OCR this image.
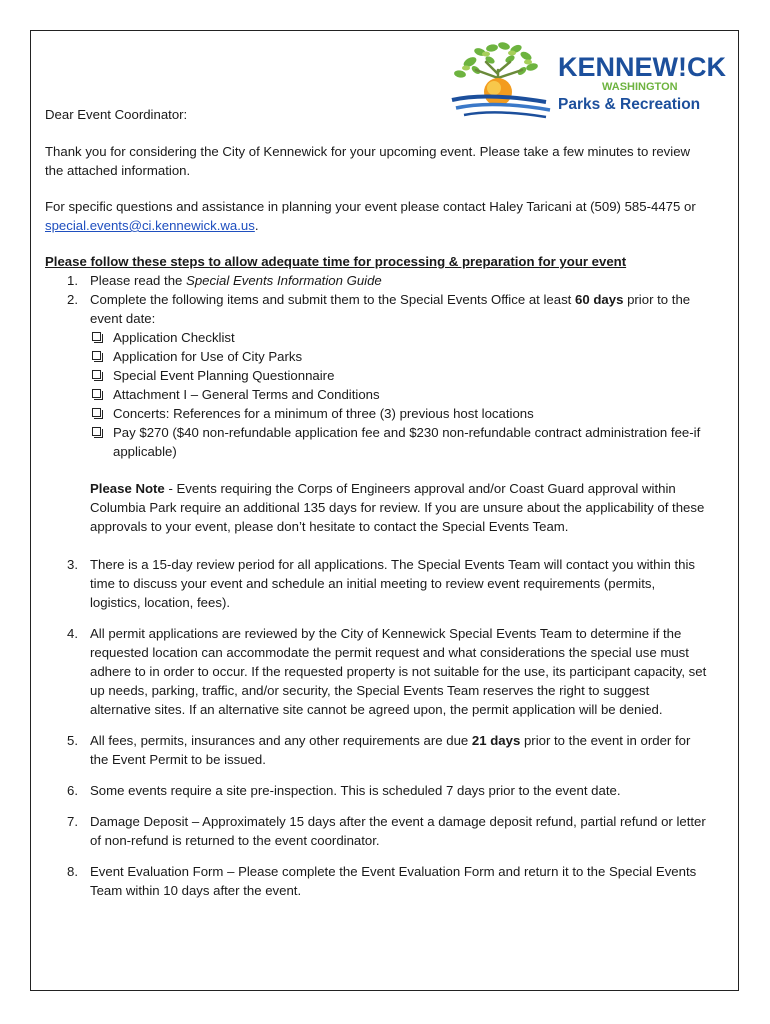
KENNEW!CK
WASHINGTON
Parks & Recreation

Dear Event Coordinator:

Thank you for considering the City of Kennewick for your upcoming event. Please take a few minutes to review the attached information.

For specific questions and assistance in planning your event please contact Haley Taricani at (509) 585-4475 or special.events@ci.kennewick.wa.us.

Please follow these steps to allow adequate time for processing & preparation for your event

1. Please read the Special Events Information Guide
2. Complete the following items and submit them to the Special Events Office at least 60 days prior to the event date:
Application Checklist
Application for Use of City Parks
Special Event Planning Questionnaire
Attachment I – General Terms and Conditions
Concerts: References for a minimum of three (3) previous host locations
Pay $270 ($40 non-refundable application fee and $230 non-refundable contract administration fee-if applicable)

Please Note - Events requiring the Corps of Engineers approval and/or Coast Guard approval within Columbia Park require an additional 135 days for review. If you are unsure about the applicability of these approvals to your event, please don’t hesitate to contact the Special Events Team.

3. There is a 15-day review period for all applications. The Special Events Team will contact you within this time to discuss your event and schedule an initial meeting to review event requirements (permits, logistics, location, fees).
4. All permit applications are reviewed by the City of Kennewick Special Events Team to determine if the requested location can accommodate the permit request and what considerations the special use must adhere to in order to occur. If the requested property is not suitable for the use, its participant capacity, set up needs, parking, traffic, and/or security, the Special Events Team reserves the right to suggest alternative sites. If an alternative site cannot be agreed upon, the permit application will be denied.
5. All fees, permits, insurances and any other requirements are due 21 days prior to the event in order for the Event Permit to be issued.
6. Some events require a site pre-inspection. This is scheduled 7 days prior to the event date.
7. Damage Deposit – Approximately 15 days after the event a damage deposit refund, partial refund or letter of non-refund is returned to the event coordinator.
8. Event Evaluation Form – Please complete the Event Evaluation Form and return it to the Special Events Team within 10 days after the event.
